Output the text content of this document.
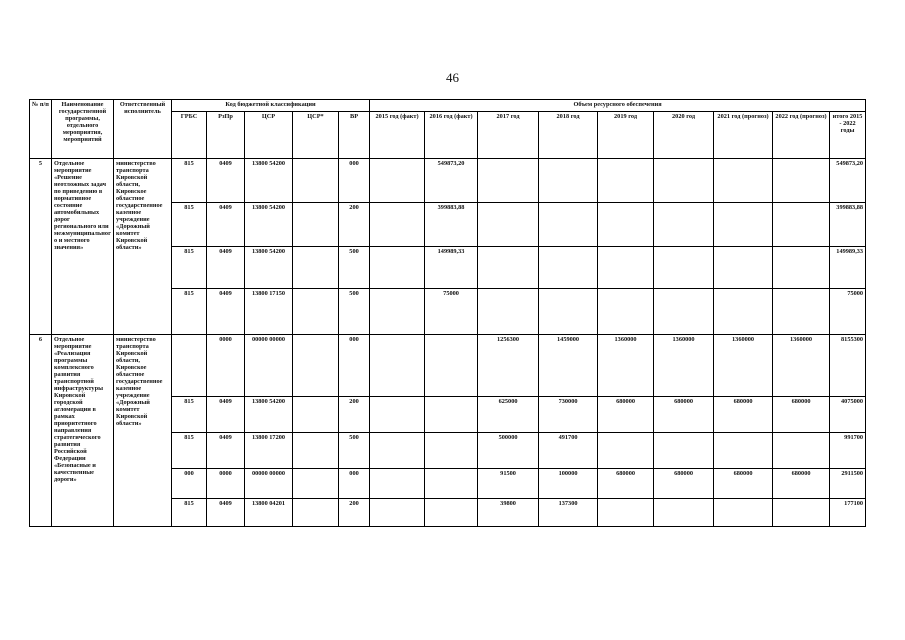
46
№ п/п	Наименование государственной программы, отдельного мероприятия, мероприятий	Ответственный исполнитель	Код бюджетной классификации					Объем ресурсного обеспечения								
			ГРБС	РзПр	ЦСР	ЦСР*	ВР	2015 год (факт)	2016 год (факт)	2017 год	2018 год	2019 год	2020 год	2021 год (прогноз)	2022 год (прогноз)	итого 2015 - 2022 годы
5	Отдельное мероприятие «Решение неотложных задач по приведению в нормативное состояние автомобильных дорог регионального или межмуниципального и местного значения»	министерство транспорта Кировской области, Кировское областное государственное казенное учреждение «Дорожный комитет Кировской области»	815	0409	13800 54200		000		549873,20							549873,20
			815	0409	13800 54200		200		399883,88							399883,88
			815	0409	13800 54200		500		149989,33							149989,33
			815	0409	13800 17150		500		75000							75000
6	Отдельное мероприятие «Реализация программы комплексного развития транспортной инфраструктуры Кировской городской агломерации в рамках приоритетного направления стратегического развития Российской Федерации «Безопасные и качественные дороги»	министерство транспорта Кировской области, Кировское областное государственное казенное учреждение «Дорожный комитет Кировской области»		0000	00000 00000		000			1256300	1459000	1360000	1360000	1360000	1360000	8155300
			815	0409	13800 54200		200			625000	730000	680000	680000	680000	680000	4075000
			815	0409	13800 17200		500			500000	491700					991700
			000	0000	00000 00000		000			91500	100000	680000	680000	680000	680000	2911500
			815	0409	13800 04201		200			39800	137300					177100
